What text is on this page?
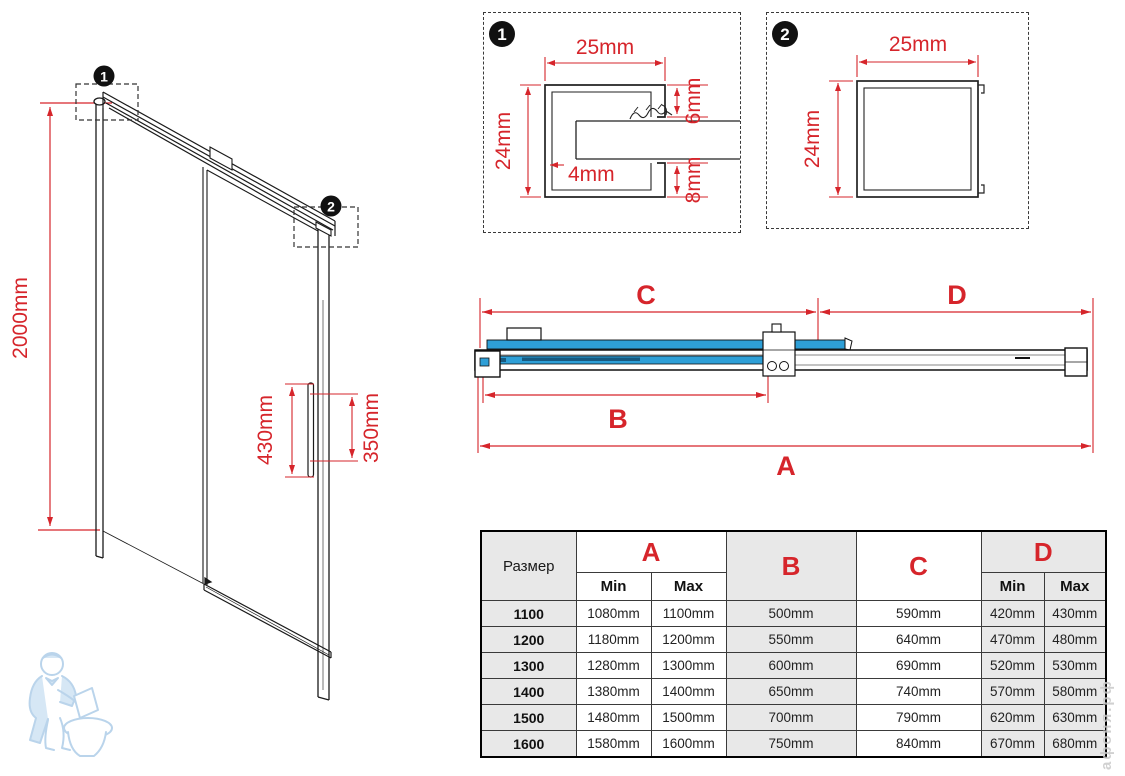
2000mm
430mm	350mm
1
2
1
25mm
24mm
6mm
4mm	8mm
2	25mm
24mm
C	D
B
A
Размер	A		B	C	D	
	Min	Max			Min	Max
1100	1080mm	1100mm	500mm	590mm	420mm	430mm
1200	1180mm	1200mm	550mm	640mm	470mm	480mm
1300	1280mm	1300mm	600mm	690mm	520mm	530mm
1400	1380mm	1400mm	650mm	740mm	570mm	580mm
1500	1480mm	1500mm	700mm	790mm	620mm	630mm
1600	1580mm	1600mm	750mm	840mm	670mm	680mm афоня.рф
